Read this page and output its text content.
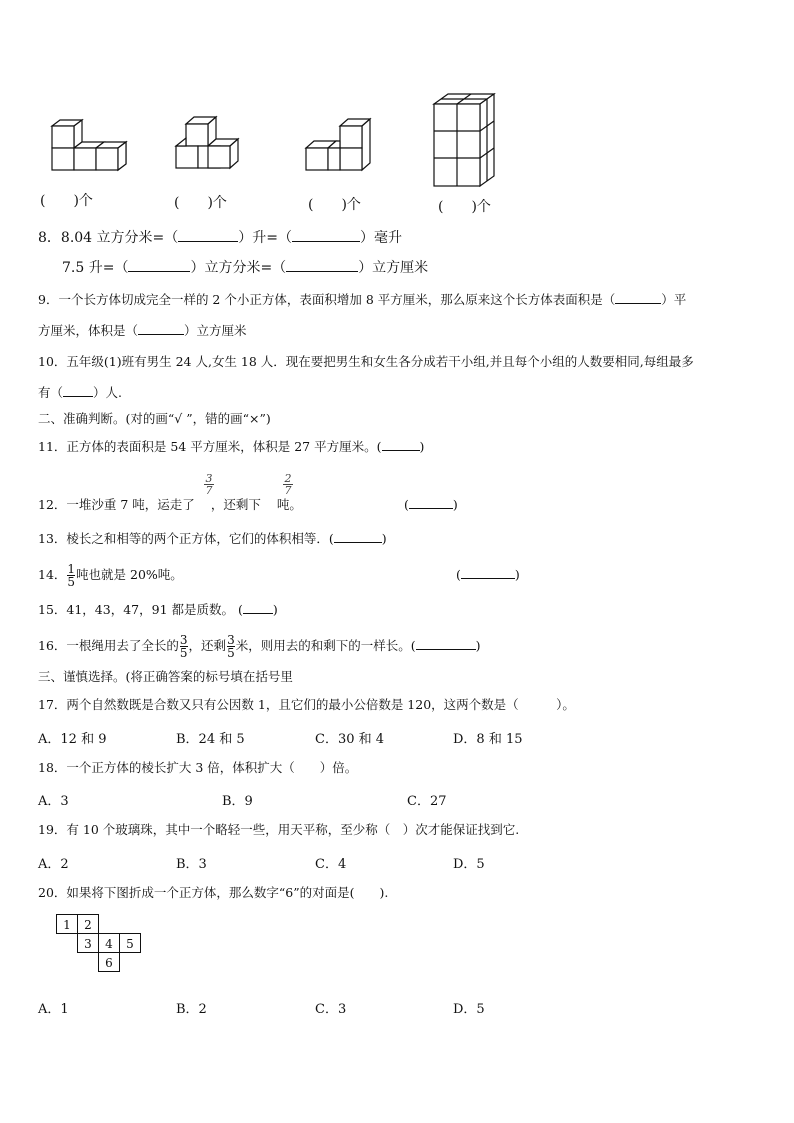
(　　)个	(　　)个	(　　)个	(　　)个
8．8.04 立方分米=（	）升=（	）毫升
7.5 升=（	）立方分米=（	）立方厘米
9．一个长方体切成完全一样的 2 个小正方体，表面积增加 8 平方厘米，那么原来这个长方体表面积是（	）平
方厘米，体积是（	）立方厘米
10．五年级(1)班有男生 24 人,女生 18 人．现在要把男生和女生各分成若干小组,并且每个小组的人数要相同,每组最多
有（ ）人.
二、准确判断。(对的画“√ ”，错的画“×”)
11．正方体的表面积是 54 平方厘米，体积是 27 平方厘米。(	)
$\frac{3}{7}$	$\frac{2}{7}$
12．一堆沙重 7 吨，运走了 ，还剩下 吨。	(	)
13．棱长之和相等的两个正方体，它们的体积相等．(	)
14． $\frac{1}{5}$ 吨也就是 20%吨。	(	)
15．41，43，47，91 都是质数。 ( )
16．一根绳用去了全长的 $\frac{3}{5}$ ，还剩 $\frac{3}{5}$ 米，则用去的和剩下的一样长。(	)
三、谨慎选择。(将正确答案的标号填在括号里
17．两个自然数既是合数又只有公因数 1，且它们的最小公倍数是 120，这两个数是（　　　）。
A．12 和 9	B．24 和 5	C．30 和 4	D．8 和 15
18．一个正方体的棱长扩大 3 倍，体积扩大（　　）倍。
A．3	B．9	C．27
19．有 10 个玻璃珠，其中一个略轻一些，用天平称，至少称（　）次才能保证找到它.
A．2	B．3	C．4	D．5
20．如果将下图折成一个正方体，那么数字“6”的对面是(　　).
1	2
3	4	5
6
A．1	B．2	C．3	D．5
